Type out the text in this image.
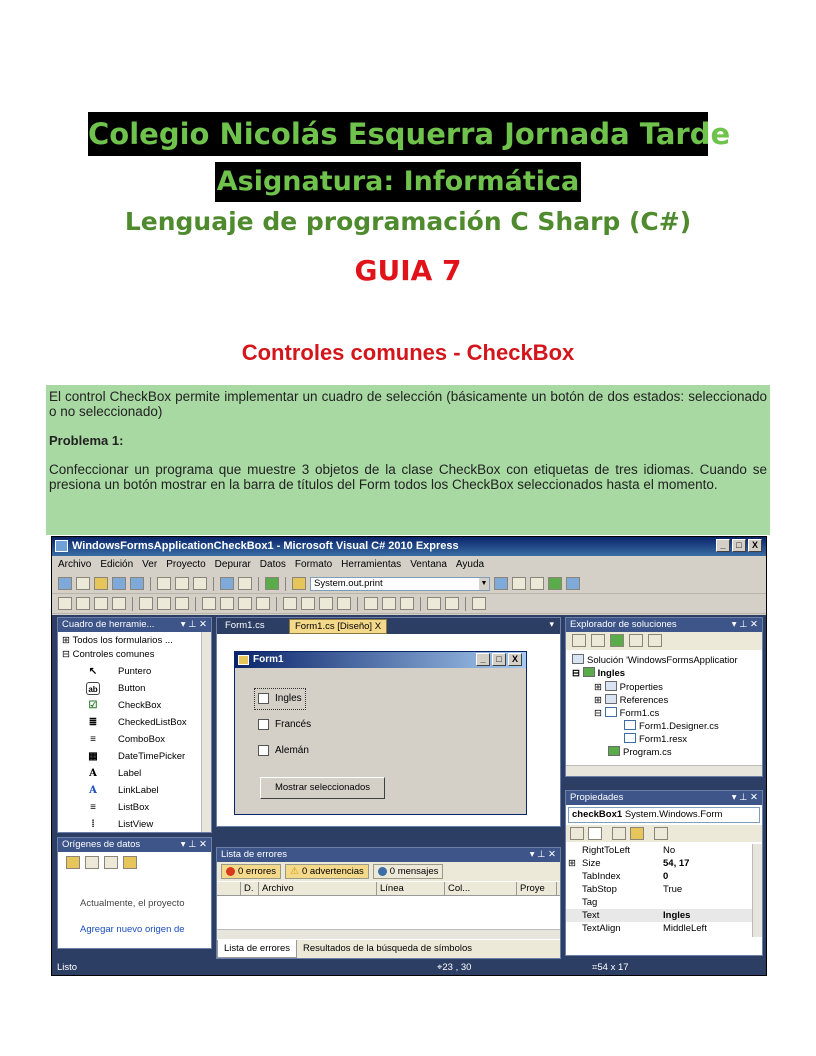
Colegio Nicolás Esquerra Jornada Tarde
Asignatura: Informática
Lenguaje de programación C Sharp (C#)
GUIA 7
Controles comunes - CheckBox

El control CheckBox permite implementar un cuadro de selección (básicamente un botón de dos estados: seleccionado o no seleccionado)

Problema 1:

Confeccionar un programa que muestre 3 objetos de la clase CheckBox con etiquetas de tres idiomas. Cuando se presiona un botón mostrar en la barra de títulos del Form todos los CheckBox seleccionados hasta el momento.

WindowsFormsApplicationCheckBox1 - Microsoft Visual C# 2010 Express	_	□	X
Archivo Edición Ver Proyecto Depurar Datos Formato Herramientas Ventana Ayuda
System.out.print	▼
Cuadro de herramie...	▾ ⊥ ✕
⊞ Todos los formularios ...
⊟ Controles comunes
↖ Puntero
ab Button
☑ CheckBox
≣ CheckedListBox
≡	ComboBox
▦ DateTimePicker
A	Label
A	LinkLabel
≡	ListBox
⁞	ListView
Orígenes de datos	▾ ⊥ ✕
Actualmente, el proyecto
Agregar nuevo origen de
Form1.cs	Form1.cs [Diseño] X	▾
Form1	_	□	X
Ingles
Francés
Alemán
Mostrar seleccionados
Lista de errores	▾ ⊥ ✕
0 errores ⚠ 0 advertencias	0 mensajes
D. Archivo	Línea	Col...	Proye
Lista de errores	Resultados de la búsqueda de símbolos
Explorador de soluciones	▾ ⊥ ✕
Solución 'WindowsFormsApplicatior
⊟ Ingles
⊞ Properties
⊞ References
⊟ Form1.cs
Form1.Designer.cs
Form1.resx
Program.cs
Propiedades	▾ ⊥ ✕
checkBox1 System.Windows.Form
RightToLeft	No
⊞ Size	54, 17
TabIndex	0
TabStop	True
Tag
Text	Ingles
TextAlign	MiddleLeft
Listo	⌖23 , 30	⌗54 x 17
